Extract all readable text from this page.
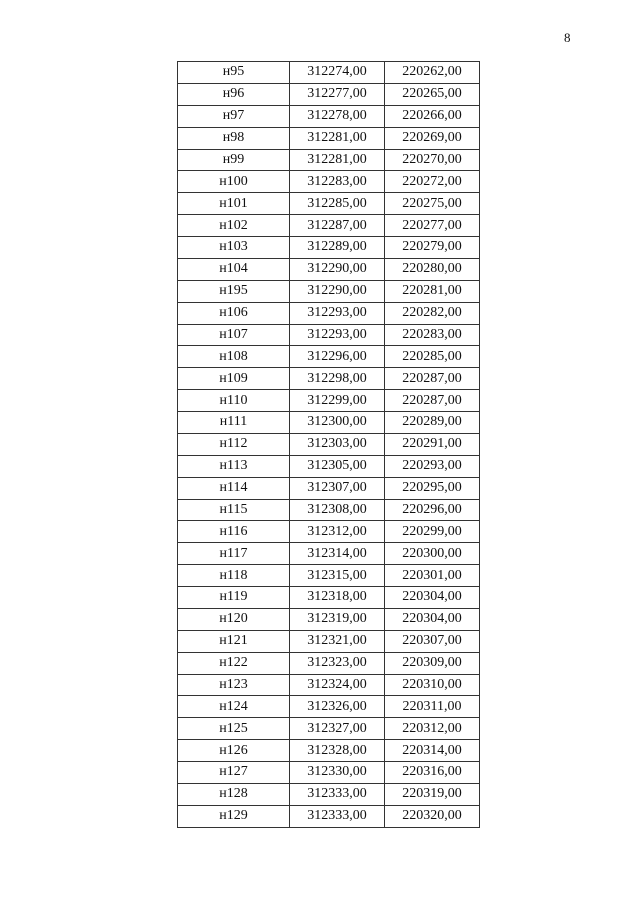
8
н95	312274,00	220262,00
н96	312277,00	220265,00
н97	312278,00	220266,00
н98	312281,00	220269,00
н99	312281,00	220270,00
н100	312283,00	220272,00
н101	312285,00	220275,00
н102	312287,00	220277,00
н103	312289,00	220279,00
н104	312290,00	220280,00
н195	312290,00	220281,00
н106	312293,00	220282,00
н107	312293,00	220283,00
н108	312296,00	220285,00
н109	312298,00	220287,00
н110	312299,00	220287,00
н111	312300,00	220289,00
н112	312303,00	220291,00
н113	312305,00	220293,00
н114	312307,00	220295,00
н115	312308,00	220296,00
н116	312312,00	220299,00
н117	312314,00	220300,00
н118	312315,00	220301,00
н119	312318,00	220304,00
н120	312319,00	220304,00
н121	312321,00	220307,00
н122	312323,00	220309,00
н123	312324,00	220310,00
н124	312326,00	220311,00
н125	312327,00	220312,00
н126	312328,00	220314,00
н127	312330,00	220316,00
н128	312333,00	220319,00
н129	312333,00	220320,00
